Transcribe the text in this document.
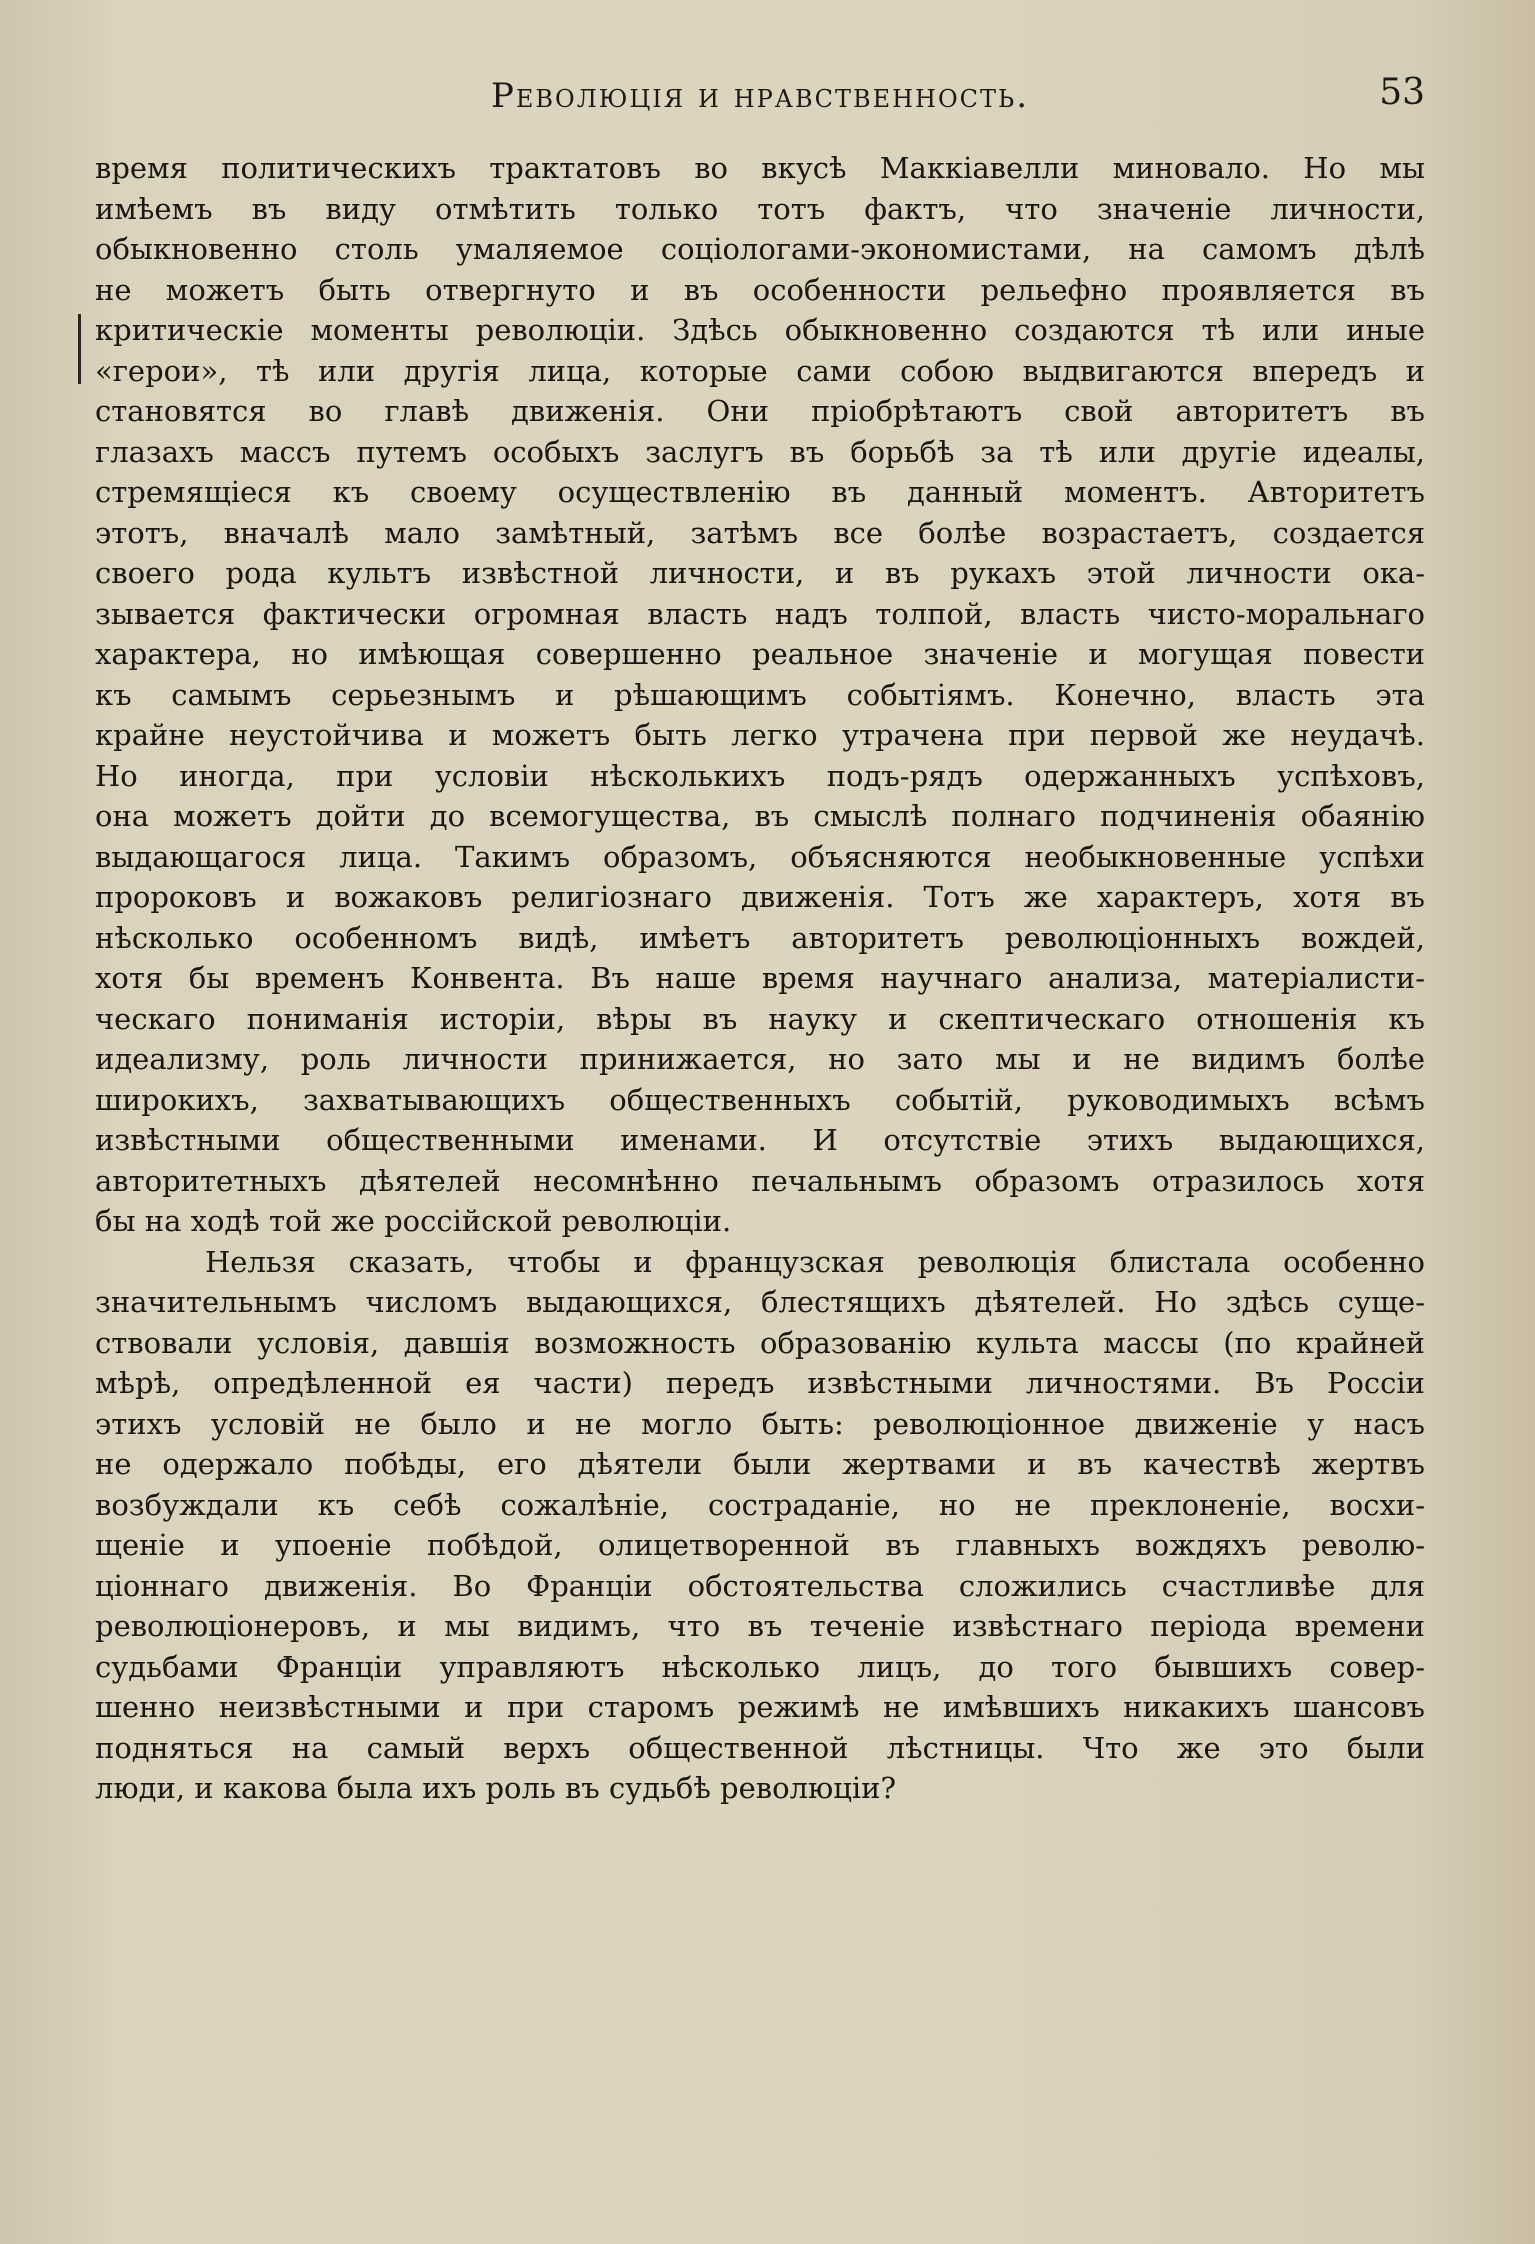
Революція и нравственность.	53
время политическихъ трактатовъ во вкусѣ Маккіавелли миновало. Но мы
имѣемъ въ виду отмѣтить только тотъ фактъ, что значеніе личности,
обыкновенно столь умаляемое соціологами-экономистами, на самомъ дѣлѣ
не можетъ быть отвергнуто и въ особенности рельефно проявляется въ
критическіе моменты революціи. Здѣсь обыкновенно создаются тѣ или иные
«герои», тѣ или другія лица, которые сами собою выдвигаются впередъ и
становятся во главѣ движенія. Они пріобрѣтаютъ свой авторитетъ въ
глазахъ массъ путемъ особыхъ заслугъ въ борьбѣ за тѣ или другіе идеалы,
стремящіеся къ своему осуществленію въ данный моментъ. Авторитетъ
этотъ, вначалѣ мало замѣтный, затѣмъ все болѣе возрастаетъ, создается
своего рода культъ извѣстной личности, и въ рукахъ этой личности ока-
зывается фактически огромная власть надъ толпой, власть чисто-моральнаго
характера, но имѣющая совершенно реальное значеніе и могущая повести
къ самымъ серьезнымъ и рѣшающимъ событіямъ. Конечно, власть эта
крайне неустойчива и можетъ быть легко утрачена при первой же неудачѣ.
Но иногда, при условіи нѣсколькихъ подъ-рядъ одержанныхъ успѣховъ,
она можетъ дойти до всемогущества, въ смыслѣ полнаго подчиненія обаянію
выдающагося лица. Такимъ образомъ, объясняются необыкновенные успѣхи
пророковъ и вожаковъ религіознаго движенія. Тотъ же характеръ, хотя въ
нѣсколько особенномъ видѣ, имѣетъ авторитетъ революціонныхъ вождей,
хотя бы временъ Конвента. Въ наше время научнаго анализа, матеріалисти-
ческаго пониманія исторіи, вѣры въ науку и скептическаго отношенія къ
идеализму, роль личности принижается, но зато мы и не видимъ болѣе
широкихъ, захватывающихъ общественныхъ событій, руководимыхъ всѣмъ
извѣстными общественными именами. И отсутствіе этихъ выдающихся,
авторитетныхъ дѣятелей несомнѣнно печальнымъ образомъ отразилось хотя
бы на ходѣ той же россійской революціи.
Нельзя сказать, чтобы и французская революція блистала особенно
значительнымъ числомъ выдающихся, блестящихъ дѣятелей. Но здѣсь суще-
ствовали условія, давшія возможность образованію культа массы (по крайней
мѣрѣ, опредѣленной ея части) передъ извѣстными личностями. Въ Россіи
этихъ условій не было и не могло быть: революціонное движеніе у насъ
не одержало побѣды, его дѣятели были жертвами и въ качествѣ жертвъ
возбуждали къ себѣ сожалѣніе, состраданіе, но не преклоненіе, восхи-
щеніе и упоеніе побѣдой, олицетворенной въ главныхъ вождяхъ револю-
ціоннаго движенія. Во Франціи обстоятельства сложились счастливѣе для
революціонеровъ, и мы видимъ, что въ теченіе извѣстнаго періода времени
судьбами Франціи управляютъ нѣсколько лицъ, до того бывшихъ совер-
шенно неизвѣстными и при старомъ режимѣ не имѣвшихъ никакихъ шансовъ
подняться на самый верхъ общественной лѣстницы. Что же это были
люди, и какова была ихъ роль въ судьбѣ революціи?
